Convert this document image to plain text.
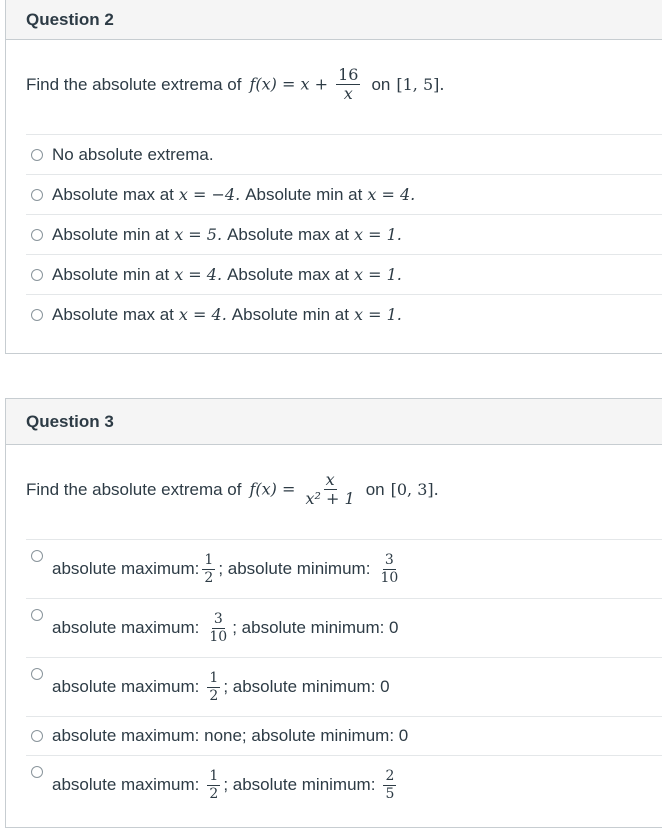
Question 2
Find the absolute extrema of $f(x) = x + \frac{16}{x}$ on [1, 5].
No absolute extrema.
Absolute max at x = −4. Absolute min at x = 4.
Absolute min at x = 5. Absolute max at x = 1.
Absolute min at x = 4. Absolute max at x = 1.
Absolute max at x = 4. Absolute min at x = 1.
Question 3
Find the absolute extrema of $f(x) = \frac{x}{\text{x² + 1}}$ on [0, 3].
absolute maximum: $\frac{1}{2}$ ; absolute minimum: $\frac{3}{10}$
absolute maximum: $\frac{3}{10}$ ; absolute minimum: 0
absolute maximum: $\frac{1}{2}$ ; absolute minimum: 0
absolute maximum: none; absolute minimum: 0
absolute maximum: $\frac{1}{2}$ ; absolute minimum: $\frac{2}{5}$
